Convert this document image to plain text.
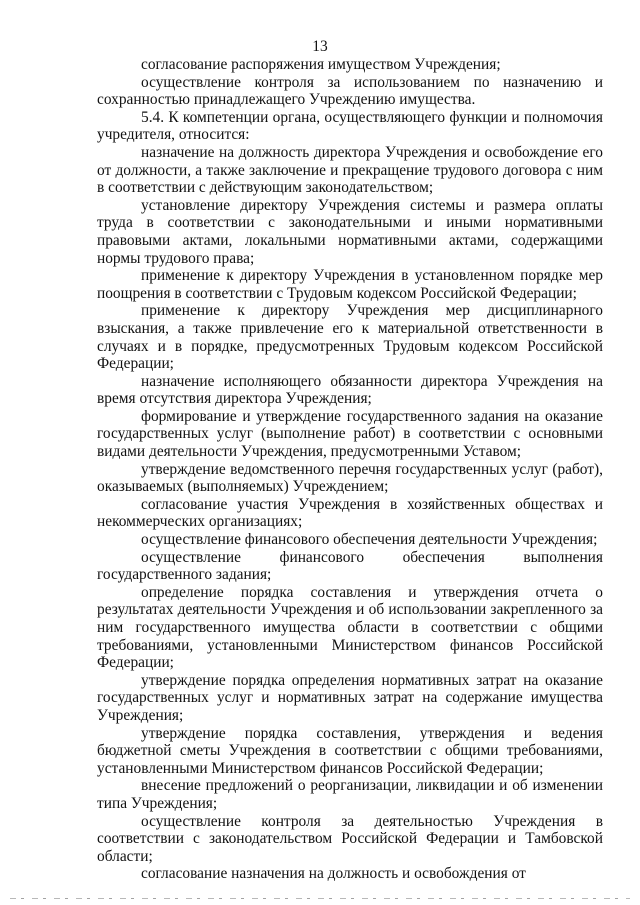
13

согласование распоряжения имуществом Учреждения;

осуществление контроля за использованием по назначению и сохранностью принадлежащего Учреждению имущества.

5.4. К компетенции органа, осуществляющего функции и полномочия учредителя, относится:

назначение на должность директора Учреждения и освобождение его от должности, а также заключение и прекращение трудового договора с ним в соответствии с действующим законодательством;

установление директору Учреждения системы и размера оплаты труда в соответствии с законодательными и иными нормативными правовыми актами, локальными нормативными актами, содержащими нормы трудового права;

применение к директору Учреждения в установленном порядке мер поощрения в соответствии с Трудовым кодексом Российской Федерации;

применение к директору Учреждения мер дисциплинарного взыскания, а также привлечение его к материальной ответственности в случаях и в порядке, предусмотренных Трудовым кодексом Российской Федерации;

назначение исполняющего обязанности директора Учреждения на время отсутствия директора Учреждения;

формирование и утверждение государственного задания на оказание государственных услуг (выполнение работ) в соответствии с основными видами деятельности Учреждения, предусмотренными Уставом;

утверждение ведомственного перечня государственных услуг (работ), оказываемых (выполняемых) Учреждением;

согласование участия Учреждения в хозяйственных обществах и некоммерческих организациях;

осуществление финансового обеспечения деятельности Учреждения;

осуществление финансового обеспечения выполнения государственного задания;

определение порядка составления и утверждения отчета о результатах деятельности Учреждения и об использовании закрепленного за ним государственного имущества области в соответствии с общими требованиями, установленными Министерством финансов Российской Федерации;

утверждение порядка определения нормативных затрат на оказание государственных услуг и нормативных затрат на содержание имущества Учреждения;

утверждение порядка составления, утверждения и ведения бюджетной сметы Учреждения в соответствии с общими требованиями, установленными Министерством финансов Российской Федерации;

внесение предложений о реорганизации, ликвидации и об изменении типа Учреждения;

осуществление контроля за деятельностью Учреждения в соответствии с законодательством Российской Федерации и Тамбовской области;

согласование назначения на должность и освобождения от
